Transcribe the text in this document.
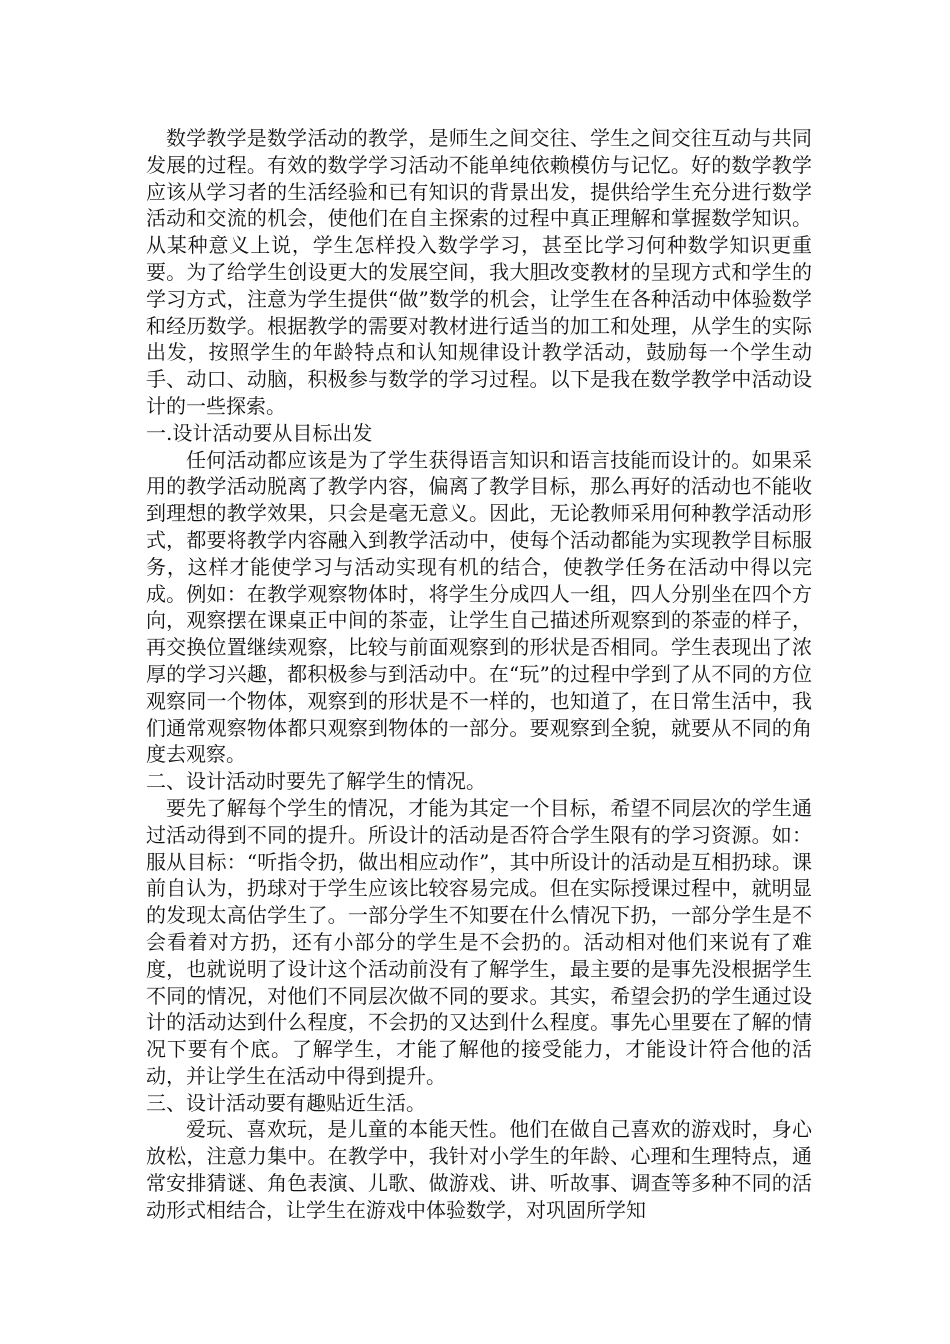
数学教学是数学活动的教学，是师生之间交往、学生之间交往互动与共同发展的过程。有效的数学学习活动不能单纯依赖模仿与记忆。好的数学教学应该从学习者的生活经验和已有知识的背景出发，提供给学生充分进行数学活动和交流的机会，使他们在自主探索的过程中真正理解和掌握数学知识。从某种意义上说，学生怎样投入数学学习，甚至比学习何种数学知识更重要。为了给学生创设更大的发展空间，我大胆改变教材的呈现方式和学生的学习方式，注意为学生提供“做”数学的机会，让学生在各种活动中体验数学和经历数学。根据教学的需要对教材进行适当的加工和处理，从学生的实际出发，按照学生的年龄特点和认知规律设计教学活动，鼓励每一个学生动手、动口、动脑，积极参与数学的学习过程。以下是我在数学教学中活动设计的一些探索。

一.设计活动要从目标出发

任何活动都应该是为了学生获得语言知识和语言技能而设计的。如果采用的教学活动脱离了教学内容，偏离了教学目标，那么再好的活动也不能收到理想的教学效果，只会是毫无意义。因此，无论教师采用何种教学活动形式，都要将教学内容融入到教学活动中，使每个活动都能为实现教学目标服务，这样才能使学习与活动实现有机的结合，使教学任务在活动中得以完成。例如：在教学观察物体时，将学生分成四人一组，四人分别坐在四个方向，观察摆在课桌正中间的茶壶，让学生自己描述所观察到的茶壶的样子，再交换位置继续观察，比较与前面观察到的形状是否相同。学生表现出了浓厚的学习兴趣，都积极参与到活动中。在“玩”的过程中学到了从不同的方位观察同一个物体，观察到的形状是不一样的，也知道了，在日常生活中，我们通常观察物体都只观察到物体的一部分。要观察到全貌，就要从不同的角度去观察。

二、设计活动时要先了解学生的情况。

要先了解每个学生的情况，才能为其定一个目标，希望不同层次的学生通过活动得到不同的提升。所设计的活动是否符合学生限有的学习资源。如：服从目标：“听指令扔，做出相应动作”，其中所设计的活动是互相扔球。课前自认为，扔球对于学生应该比较容易完成。但在实际授课过程中，就明显的发现太高估学生了。一部分学生不知要在什么情况下扔，一部分学生是不会看着对方扔，还有小部分的学生是不会扔的。活动相对他们来说有了难度，也就说明了设计这个活动前没有了解学生，最主要的是事先没根据学生不同的情况，对他们不同层次做不同的要求。其实，希望会扔的学生通过设计的活动达到什么程度，不会扔的又达到什么程度。事先心里要在了解的情况下要有个底。了解学生，才能了解他的接受能力，才能设计符合他的活动，并让学生在活动中得到提升。

三、设计活动要有趣贴近生活。

爱玩、喜欢玩，是儿童的本能天性。他们在做自己喜欢的游戏时，身心放松，注意力集中。在教学中，我针对小学生的年龄、心理和生理特点，通常安排猜谜、角色表演、儿歌、做游戏、讲、听故事、调查等多种不同的活动形式相结合，让学生在游戏中体验数学，对巩固所学知
